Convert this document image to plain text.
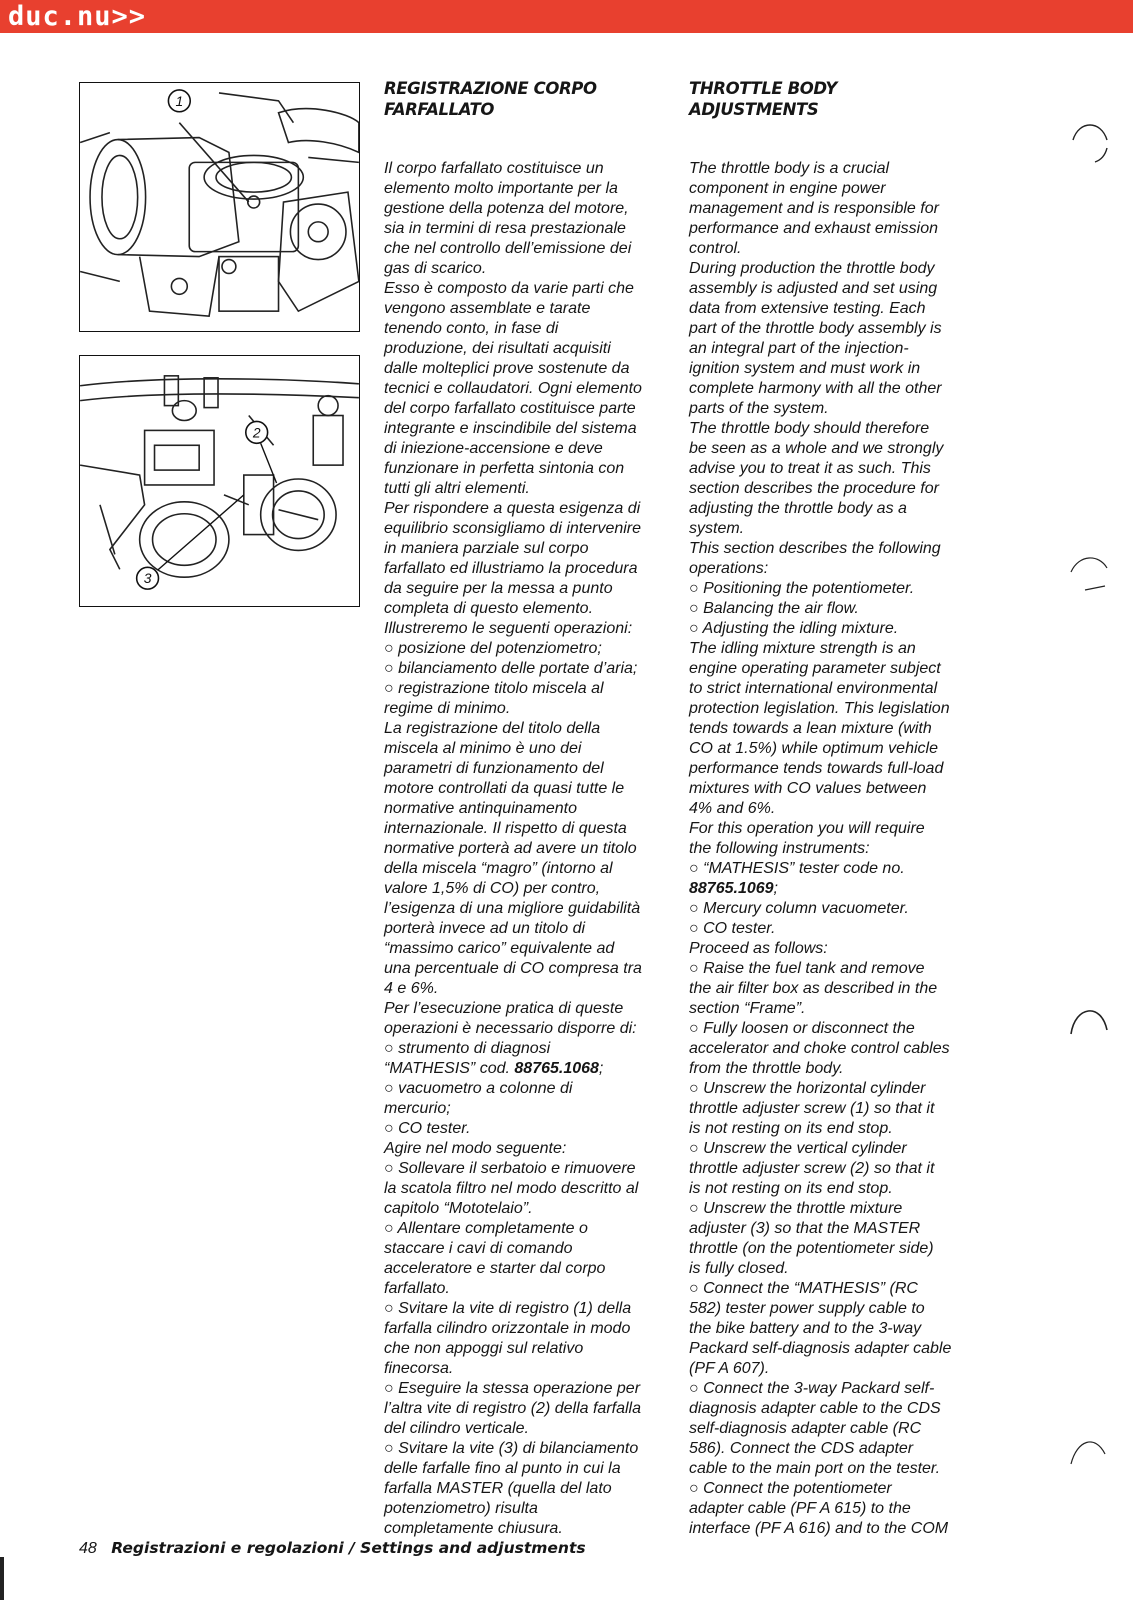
duc.nu>>
1
2
3
REGISTRAZIONE CORPO
FARFALLATO
Il corpo farfallato costituisce un
elemento molto importante per la
gestione della potenza del motore,
sia in termini di resa prestazionale
che nel controllo dell’emissione dei
gas di scarico.
Esso è composto da varie parti che
vengono assemblate e tarate
tenendo conto, in fase di
produzione, dei risultati acquisiti
dalle molteplici prove sostenute da
tecnici e collaudatori. Ogni elemento
del corpo farfallato costituisce parte
integrante e inscindibile del sistema
di iniezione-accensione e deve
funzionare in perfetta sintonia con
tutti gli altri elementi.
Per rispondere a questa esigenza di
equilibrio sconsigliamo di intervenire
in maniera parziale sul corpo
farfallato ed illustriamo la procedura
da seguire per la messa a punto
completa di questo elemento.
Illustreremo le seguenti operazioni:
○ posizione del potenziometro;
○ bilanciamento delle portate d’aria;
○ registrazione titolo miscela al
regime di minimo.
La registrazione del titolo della
miscela al minimo è uno dei
parametri di funzionamento del
motore controllati da quasi tutte le
normative antinquinamento
internazionale. Il rispetto di questa
normative porterà ad avere un titolo
della miscela “magro” (intorno al
valore 1,5% di CO) per contro,
l’esigenza di una migliore guidabilità
porterà invece ad un titolo di
“massimo carico” equivalente ad
una percentuale di CO compresa tra
4 e 6%.
Per l’esecuzione pratica di queste
operazioni è necessario disporre di:
○ strumento di diagnosi
“MATHESIS” cod. 88765.1068;
○ vacuometro a colonne di
mercurio;
○ CO tester.
Agire nel modo seguente:
○ Sollevare il serbatoio e rimuovere
la scatola filtro nel modo descritto al
capitolo “Mototelaio”.
○ Allentare completamente o
staccare i cavi di comando
acceleratore e starter dal corpo
farfallato.
○ Svitare la vite di registro (1) della
farfalla cilindro orizzontale in modo
che non appoggi sul relativo
finecorsa.
○ Eseguire la stessa operazione per
l’altra vite di registro (2) della farfalla
del cilindro verticale.
○ Svitare la vite (3) di bilanciamento
delle farfalle fino al punto in cui la
farfalla MASTER (quella del lato
potenziometro) risulta
completamente chiusura.
THROTTLE BODY
ADJUSTMENTS
The throttle body is a crucial
component in engine power
management and is responsible for
performance and exhaust emission
control.
During production the throttle body
assembly is adjusted and set using
data from extensive testing. Each
part of the throttle body assembly is
an integral part of the injection-
ignition system and must work in
complete harmony with all the other
parts of the system.
The throttle body should therefore
be seen as a whole and we strongly
advise you to treat it as such. This
section describes the procedure for
adjusting the throttle body as a
system.
This section describes the following
operations:
○ Positioning the potentiometer.
○ Balancing the air flow.
○ Adjusting the idling mixture.
The idling mixture strength is an
engine operating parameter subject
to strict international environmental
protection legislation. This legislation
tends towards a lean mixture (with
CO at 1.5%) while optimum vehicle
performance tends towards full-load
mixtures with CO values between
4% and 6%.
For this operation you will require
the following instruments:
○ “MATHESIS” tester code no.
88765.1069;
○ Mercury column vacuometer.
○ CO tester.
Proceed as follows:
○ Raise the fuel tank and remove
the air filter box as described in the
section “Frame”.
○ Fully loosen or disconnect the
accelerator and choke control cables
from the throttle body.
○ Unscrew the horizontal cylinder
throttle adjuster screw (1) so that it
is not resting on its end stop.
○ Unscrew the vertical cylinder
throttle adjuster screw (2) so that it
is not resting on its end stop.
○ Unscrew the throttle mixture
adjuster (3) so that the MASTER
throttle (on the potentiometer side)
is fully closed.
○ Connect the “MATHESIS” (RC
582) tester power supply cable to
the bike battery and to the 3-way
Packard self-diagnosis adapter cable
(PF A 607).
○ Connect the 3-way Packard self-
diagnosis adapter cable to the CDS
self-diagnosis adapter cable (RC
586). Connect the CDS adapter
cable to the main port on the tester.
○ Connect the potentiometer
adapter cable (PF A 615) to the
interface (PF A 616) and to the COM
48 Registrazioni e regolazioni / Settings and adjustments
